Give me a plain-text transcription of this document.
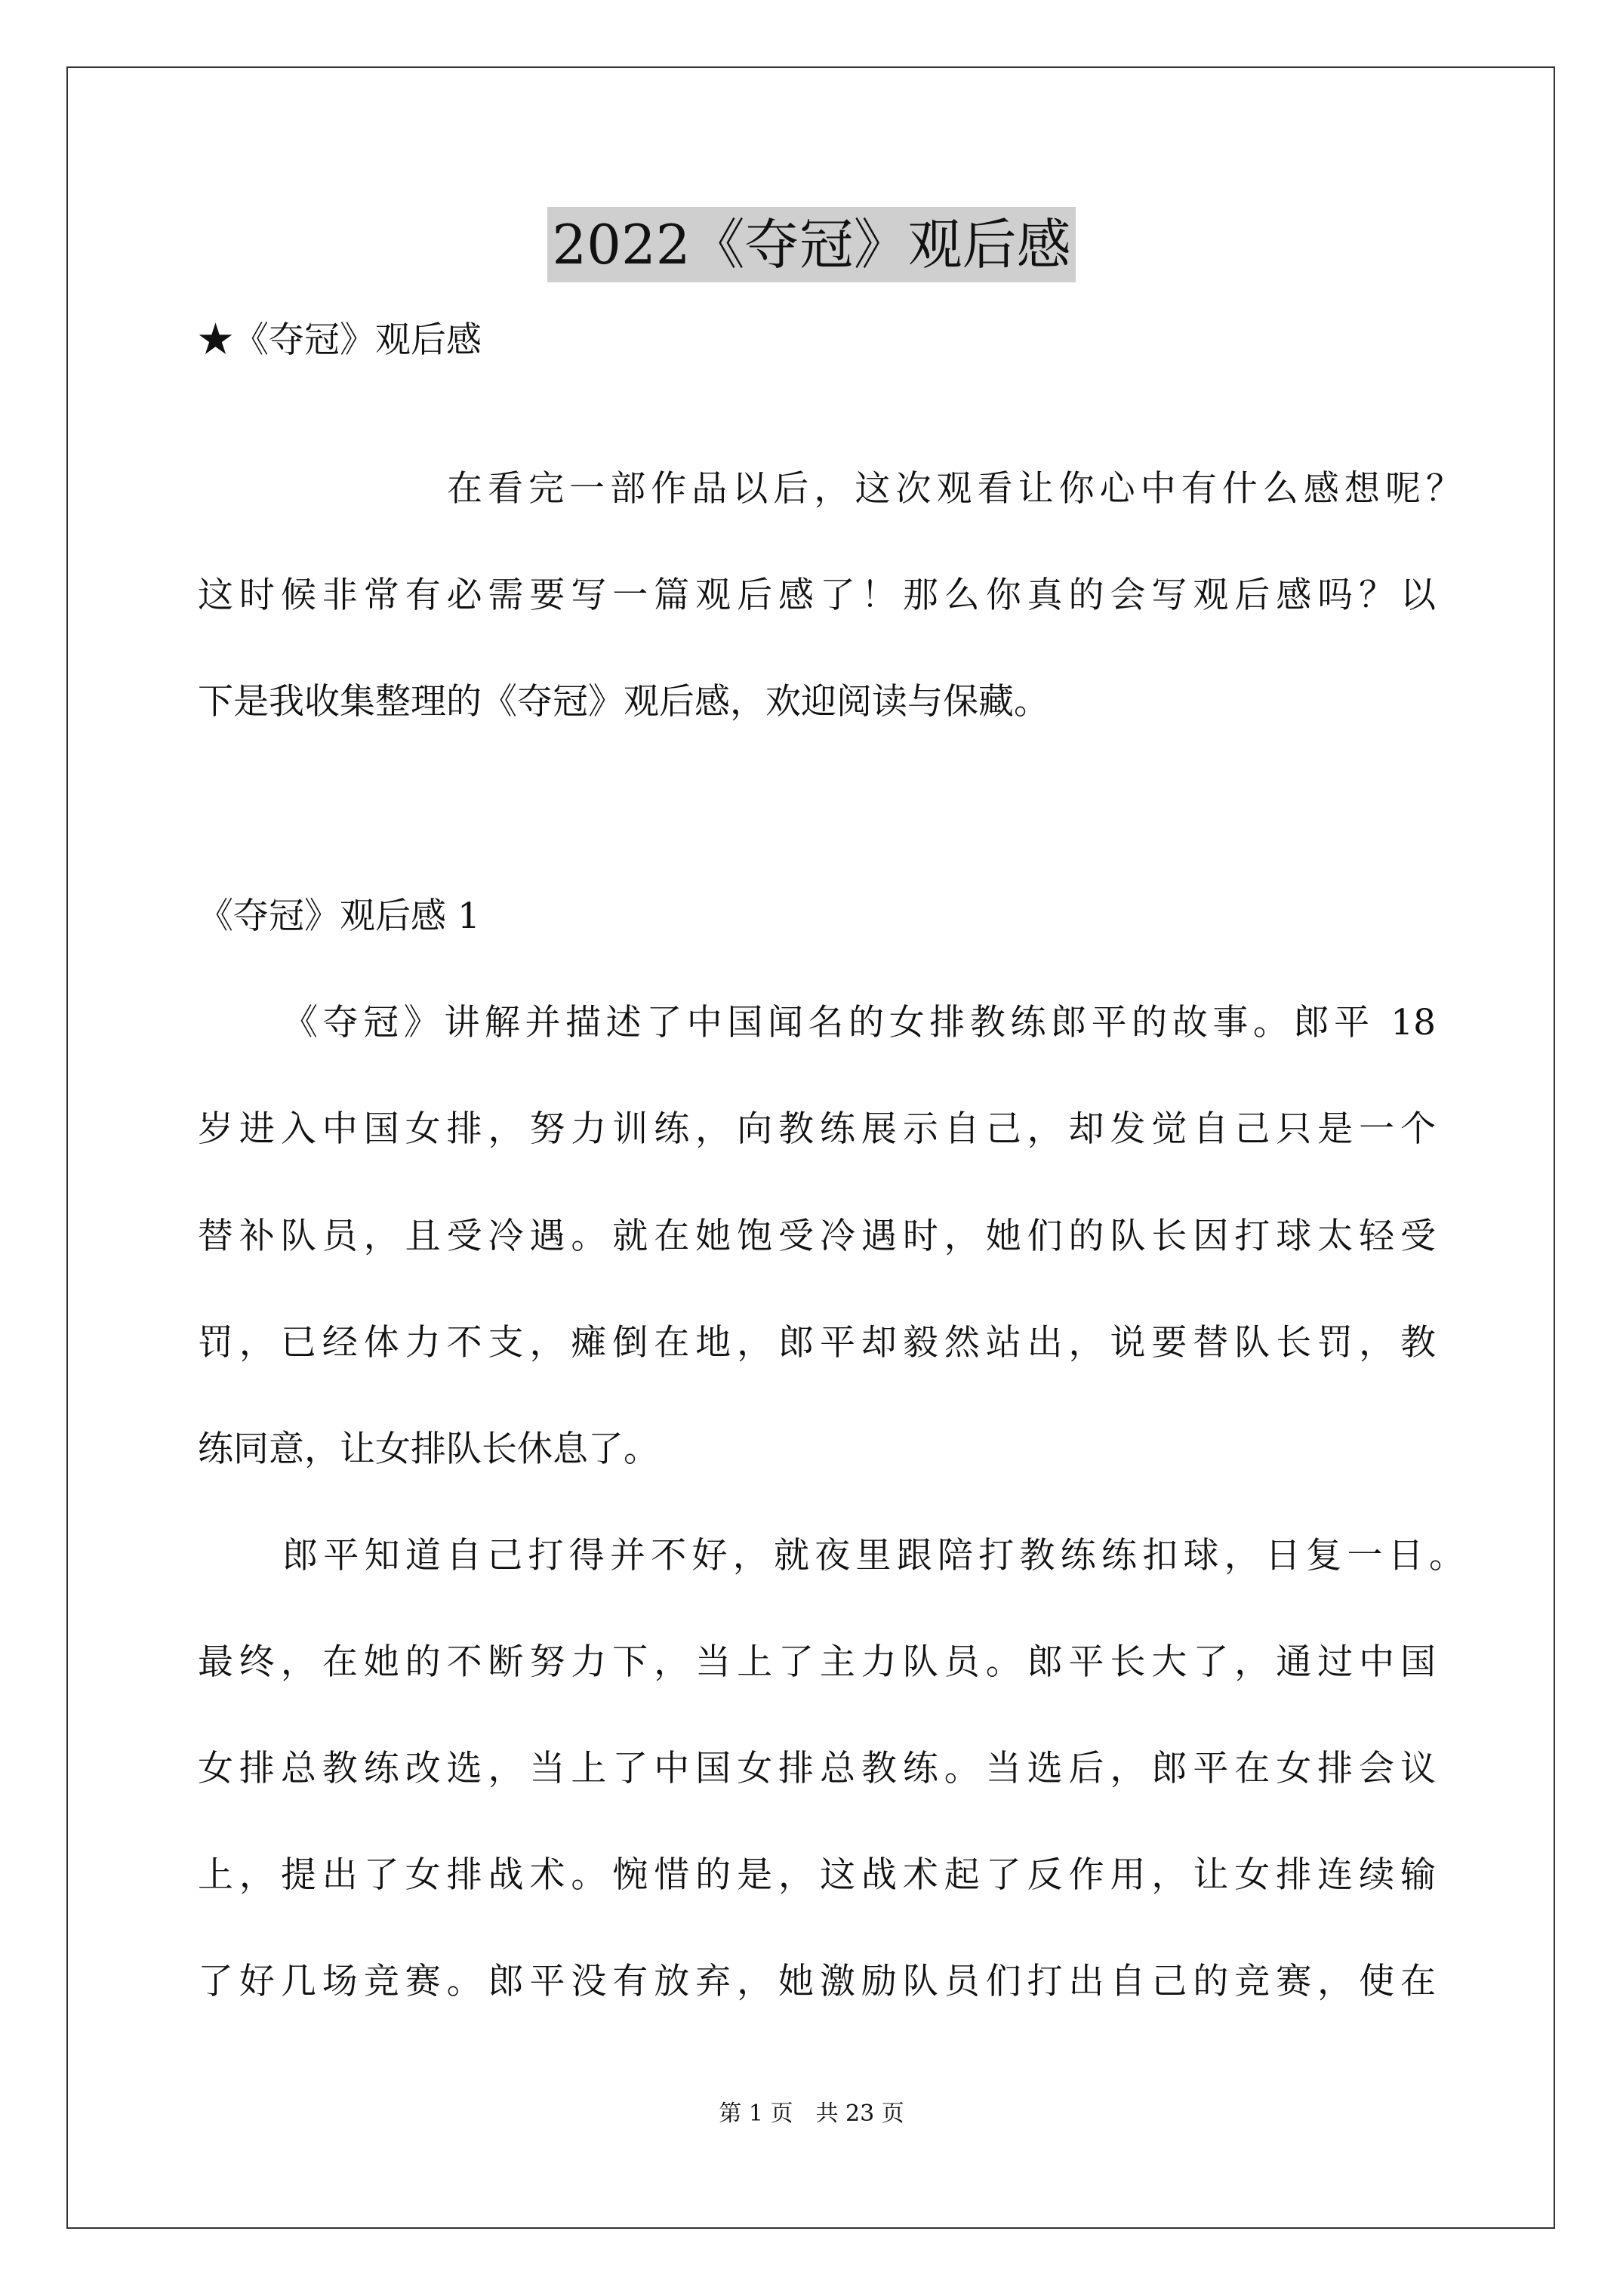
2022《夺冠》观后感
★《夺冠》观后感
在看完一部作品以后，这次观看让你心中有什么感想呢？
这时候非常有必需要写一篇观后感了！那么你真的会写观后感吗？以
下是我收集整理的《夺冠》观后感，欢迎阅读与保藏。
《夺冠》观后感 1
《夺冠》讲解并描述了中国闻名的女排教练郎平的故事。郎平 18
岁进入中国女排，努力训练，向教练展示自己，却发觉自己只是一个
替补队员，且受冷遇。就在她饱受冷遇时，她们的队长因打球太轻受
罚，已经体力不支，瘫倒在地，郎平却毅然站出，说要替队长罚，教
练同意，让女排队长休息了。
郎平知道自己打得并不好，就夜里跟陪打教练练扣球，日复一日。
最终，在她的不断努力下，当上了主力队员。郎平长大了，通过中国
女排总教练改选，当上了中国女排总教练。当选后，郎平在女排会议
上，提出了女排战术。惋惜的是，这战术起了反作用，让女排连续输
了好几场竞赛。郎平没有放弃，她激励队员们打出自己的竞赛，使在
第 1 页　共 23 页
